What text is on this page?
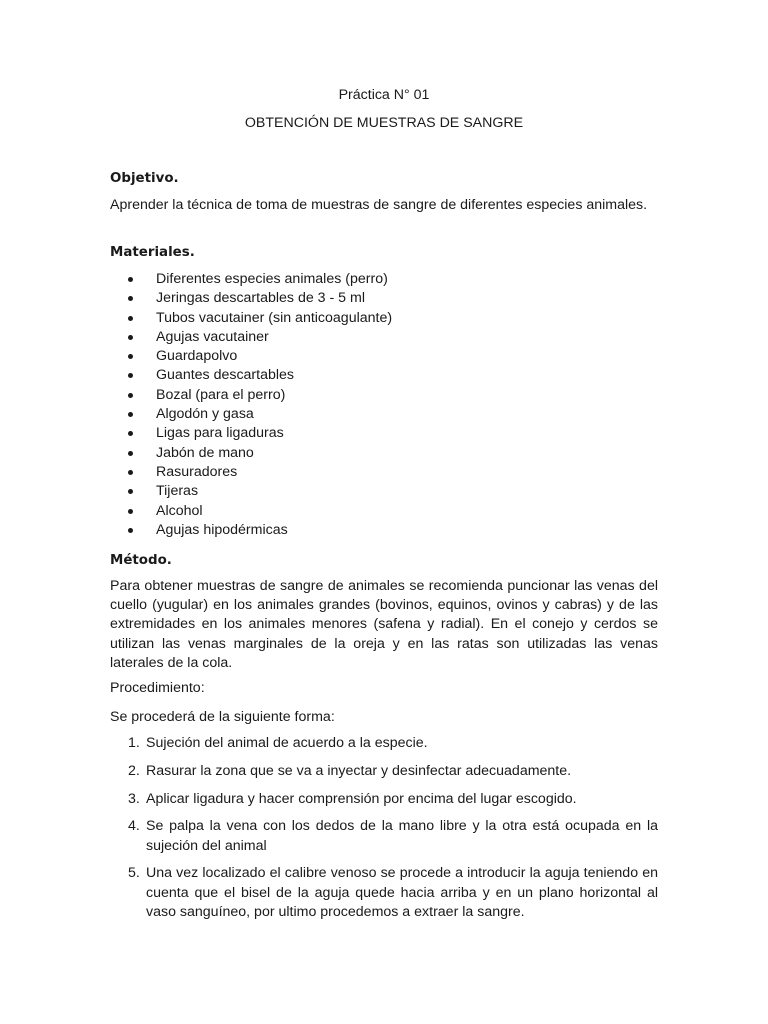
Práctica N° 01
OBTENCIÓN DE MUESTRAS DE SANGRE
Objetivo.
Aprender la técnica de toma de muestras de sangre de diferentes especies animales.
Materiales.
Diferentes especies animales (perro)
Jeringas descartables de 3 - 5 ml
Tubos vacutainer (sin anticoagulante)
Agujas vacutainer
Guardapolvo
Guantes descartables
Bozal (para el perro)
Algodón y gasa
Ligas para ligaduras
Jabón de mano
Rasuradores
Tijeras
Alcohol
Agujas hipodérmicas
Método.
Para obtener muestras de sangre de animales se recomienda puncionar las venas del cuello (yugular) en los animales grandes (bovinos, equinos, ovinos y cabras) y de las extremidades en los animales menores (safena y radial). En el conejo y cerdos se utilizan las venas marginales de la oreja y en las ratas son utilizadas las venas laterales de la cola.
Procedimiento:
Se procederá de la siguiente forma:
1. Sujeción del animal de acuerdo a la especie.
2. Rasurar la zona que se va a inyectar y desinfectar adecuadamente.
3. Aplicar ligadura y hacer comprensión por encima del lugar escogido.
4. Se palpa la vena con los dedos de la mano libre y la otra está ocupada en la sujeción del animal
5. Una vez localizado el calibre venoso se procede a introducir la aguja teniendo en cuenta que el bisel de la aguja quede hacia arriba y en un plano horizontal al vaso sanguíneo, por ultimo procedemos a extraer la sangre.
